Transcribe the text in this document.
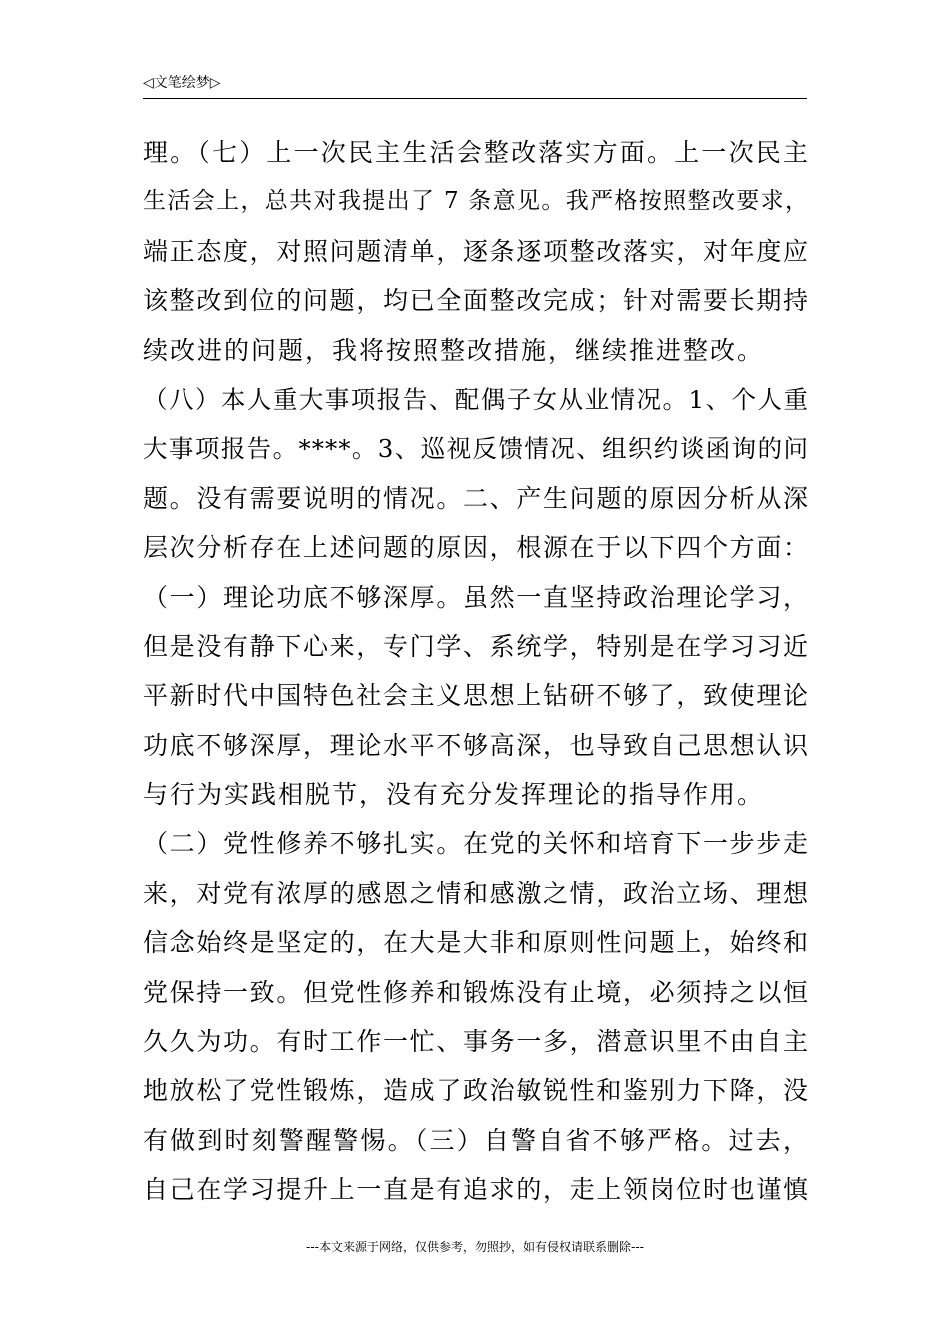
◁文笔绘梦▷
理。（七）上一次民主生活会整改落实方面。上一次民主
生活会上，总共对我提出了 7 条意见。我严格按照整改要求，
端正态度，对照问题清单，逐条逐项整改落实，对年度应
该整改到位的问题，均已全面整改完成；针对需要长期持
续改进的问题，我将按照整改措施，继续推进整改。
（八）本人重大事项报告、配偶子女从业情况。1、个人重
大事项报告。****。3、巡视反馈情况、组织约谈函询的问
题。没有需要说明的情况。二、产生问题的原因分析从深
层次分析存在上述问题的原因，根源在于以下四个方面：
（一）理论功底不够深厚。虽然一直坚持政治理论学习，
但是没有静下心来，专门学、系统学，特别是在学习习近
平新时代中国特色社会主义思想上钻研不够了，致使理论
功底不够深厚，理论水平不够高深，也导致自己思想认识
与行为实践相脱节，没有充分发挥理论的指导作用。
（二）党性修养不够扎实。在党的关怀和培育下一步步走
来，对党有浓厚的感恩之情和感激之情，政治立场、理想
信念始终是坚定的，在大是大非和原则性问题上，始终和
党保持一致。但党性修养和锻炼没有止境，必须持之以恒
久久为功。有时工作一忙、事务一多，潜意识里不由自主
地放松了党性锻炼，造成了政治敏锐性和鉴别力下降，没
有做到时刻警醒警惕。（三）自警自省不够严格。过去，
自己在学习提升上一直是有追求的，走上领岗位时也谨慎
---本文来源于网络，仅供参考，勿照抄，如有侵权请联系删除---
